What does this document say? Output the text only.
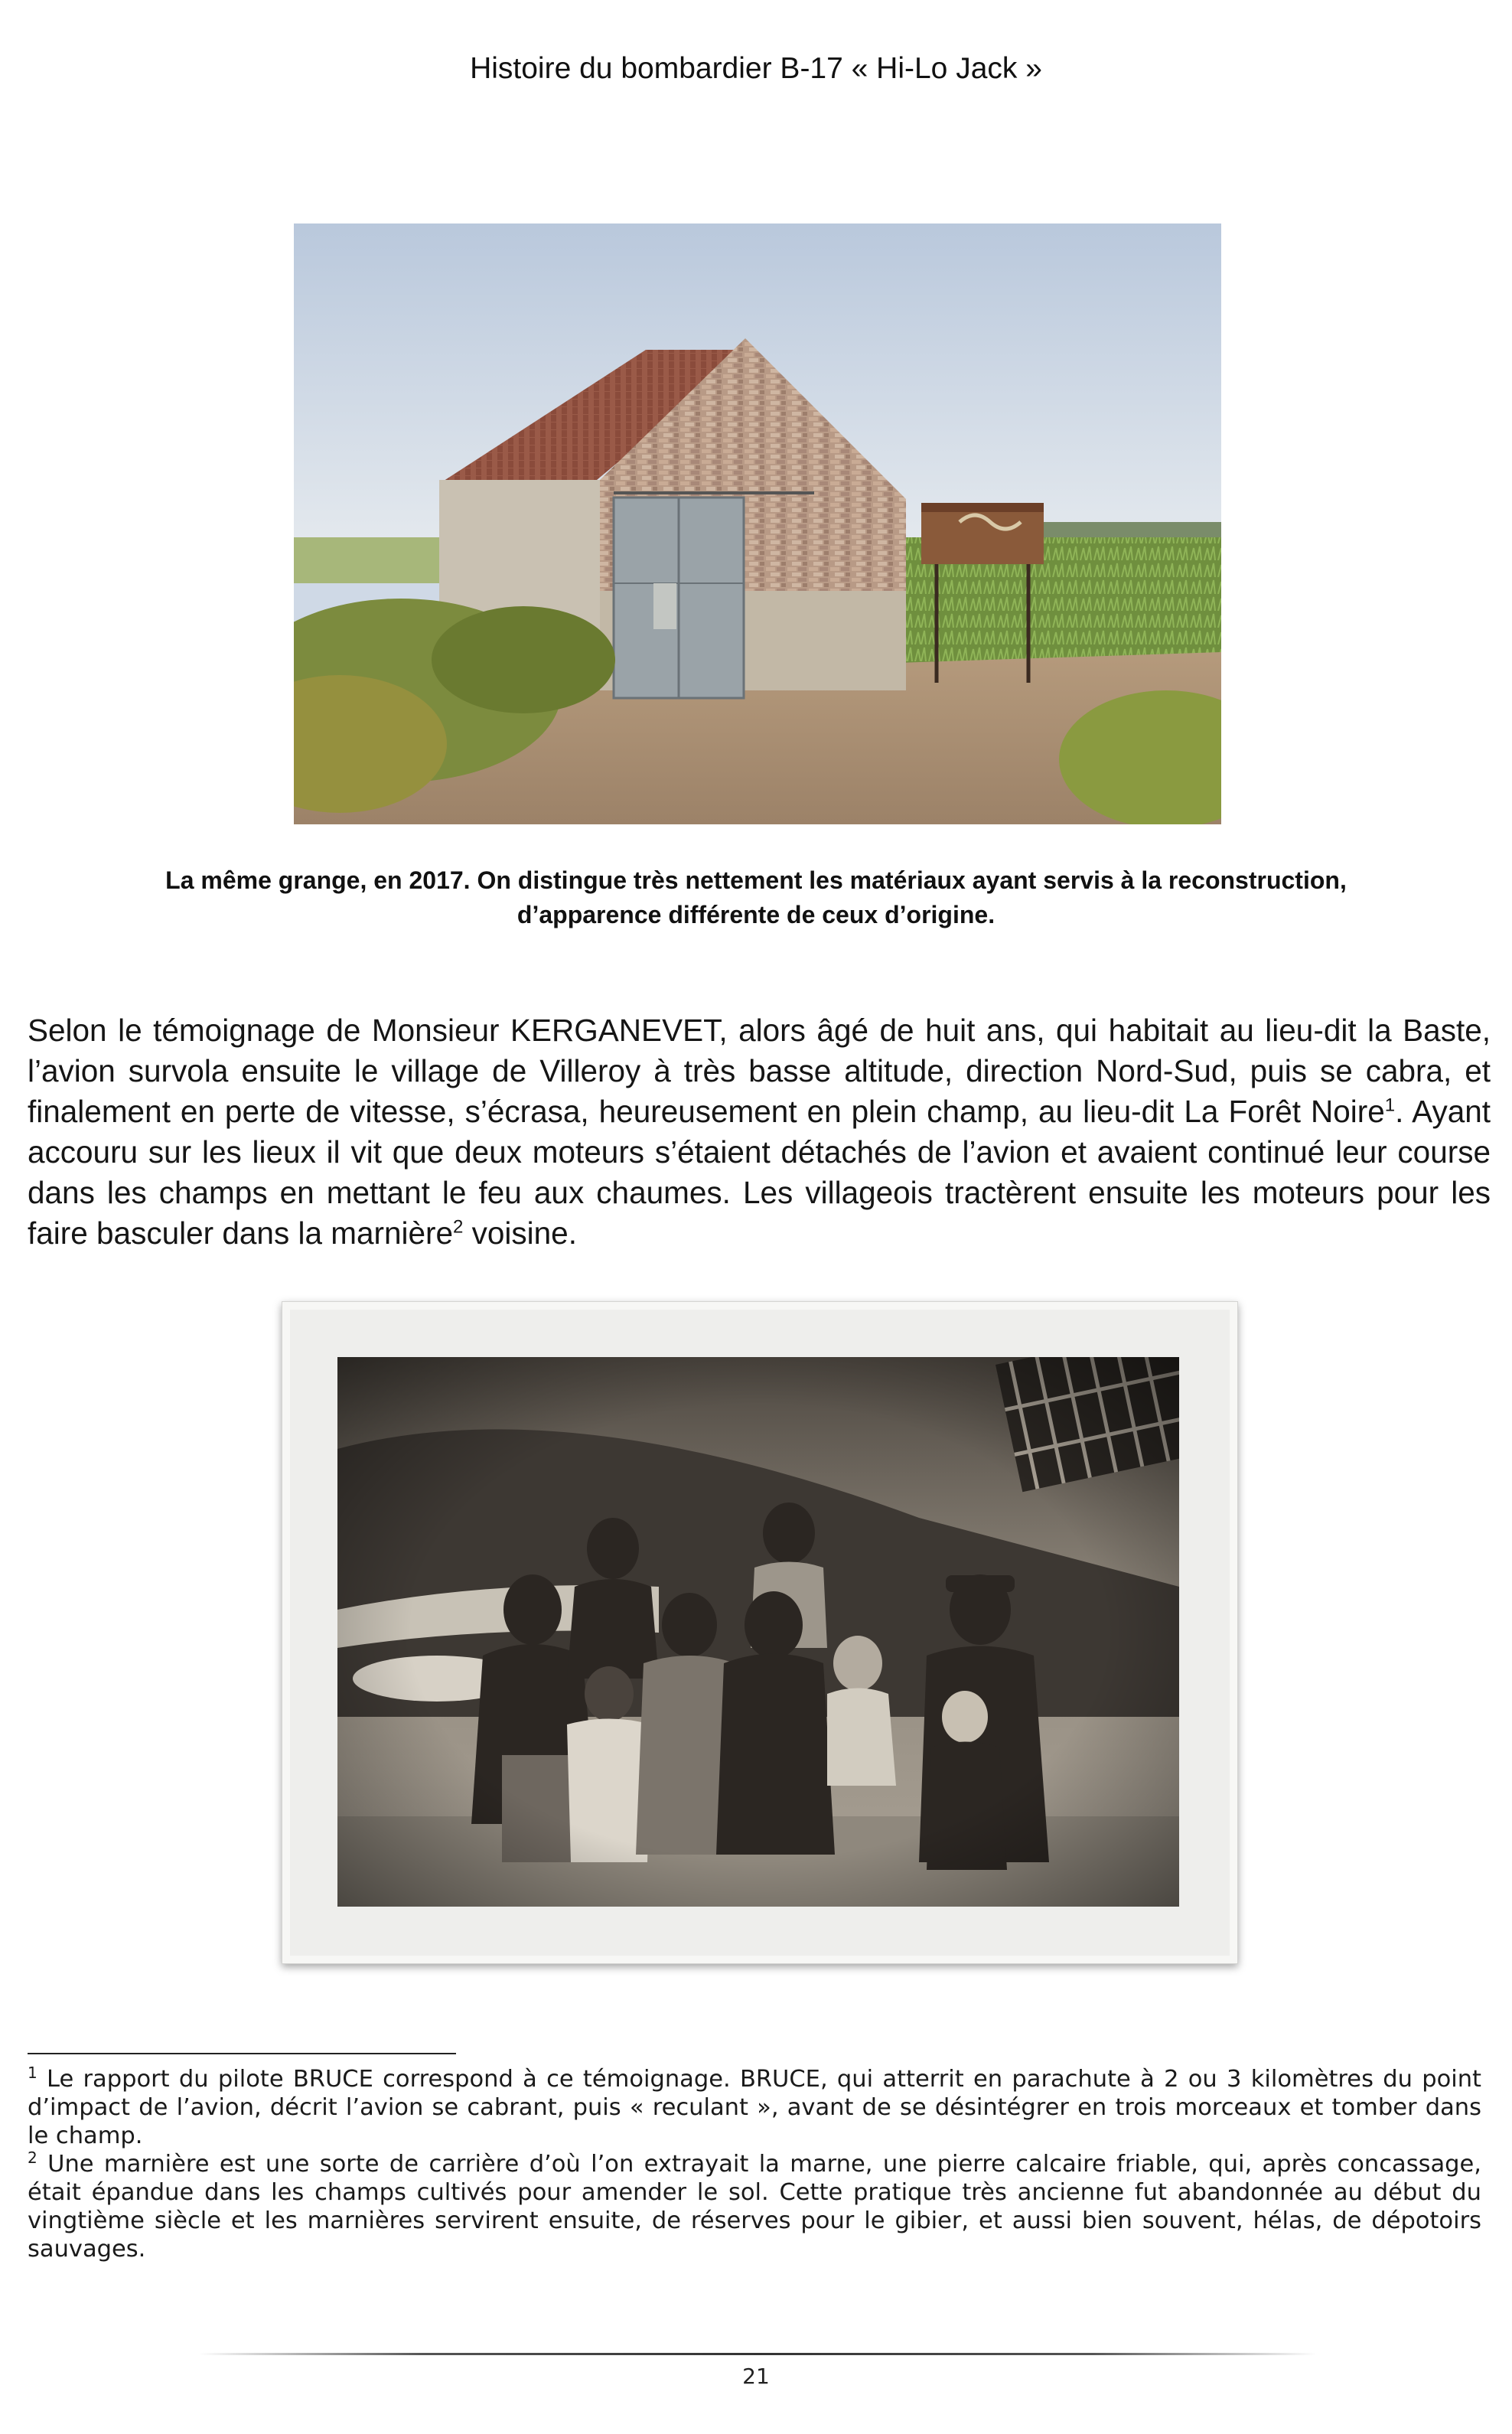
Histoire du bombardier B-17 « Hi-Lo Jack »
La même grange, en 2017. On distingue très nettement les matériaux ayant servis à la reconstruction,
d’apparence différente de ceux d’origine.
Selon le témoignage de Monsieur KERGANEVET, alors âgé de huit ans, qui habitait au lieu-dit la Baste, l’avion survola ensuite le village de Villeroy à très basse altitude, direction Nord-Sud, puis se cabra, et finalement en perte de vitesse, s’écrasa, heureusement en plein champ, au lieu-dit La Forêt Noire$^1$. Ayant accouru sur les lieux il vit que deux moteurs s’étaient détachés de l’avion et avaient continué leur course dans les champs en mettant le feu aux chaumes. Les villageois tractèrent ensuite les moteurs pour les faire basculer dans la marnière$^2$ voisine.

$^1$ Le rapport du pilote BRUCE correspond à ce témoignage. BRUCE, qui atterrit en parachute à 2 ou 3 kilomètres du point d’impact de l’avion, décrit l’avion se cabrant, puis « reculant », avant de se désintégrer en trois morceaux et tomber dans le champ.

$^2$ Une marnière est une sorte de carrière d’où l’on extrayait la marne, une pierre calcaire friable, qui, après concassage, était épandue dans les champs cultivés pour amender le sol. Cette pratique très ancienne fut abandonnée au début du vingtième siècle et les marnières servirent ensuite, de réserves pour le gibier, et aussi bien souvent, hélas, de dépotoirs sauvages.

21
